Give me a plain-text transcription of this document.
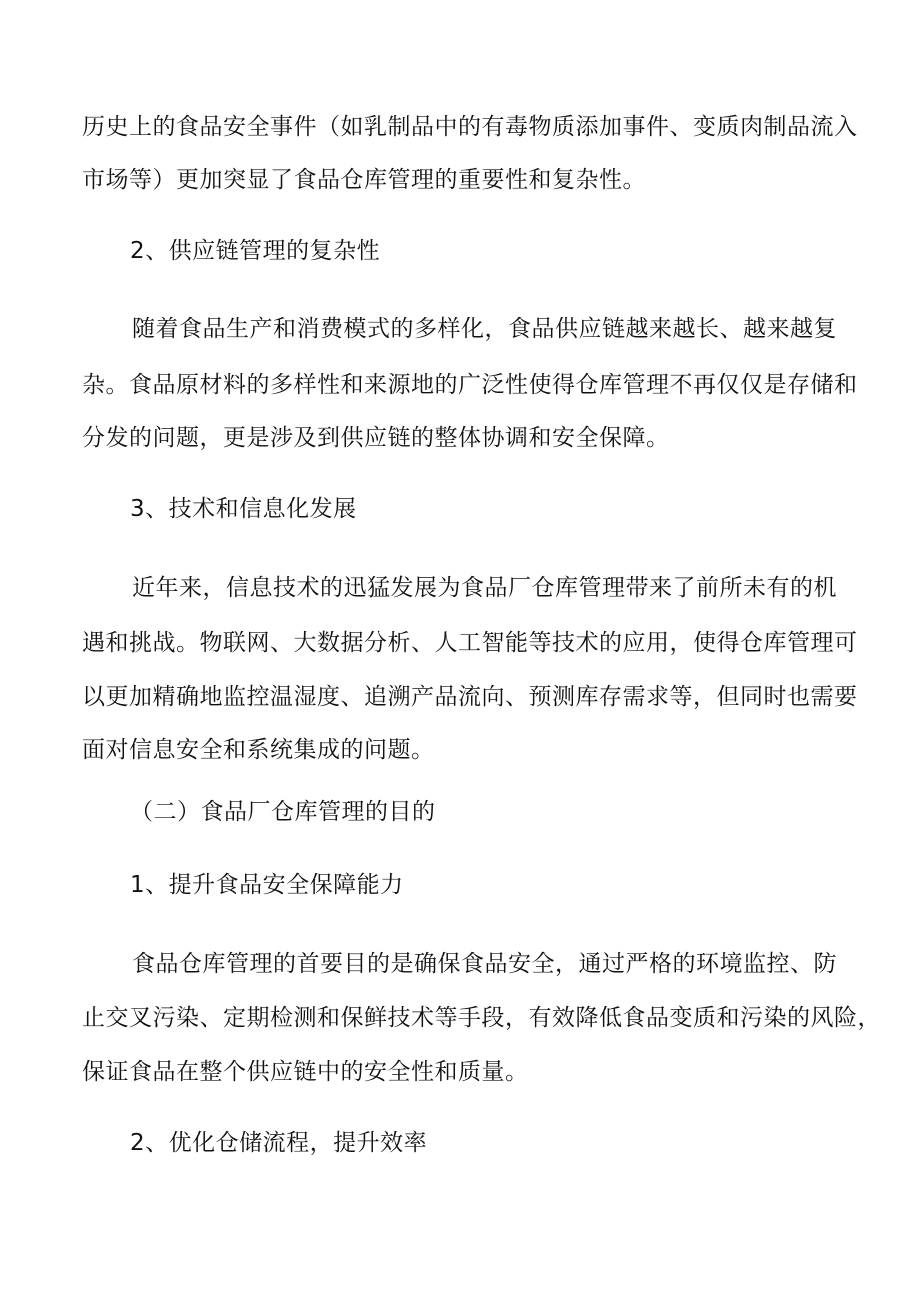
历史上的食品安全事件（如乳制品中的有毒物质添加事件、变质肉制品流入
市场等）更加突显了食品仓库管理的重要性和复杂性。
2、供应链管理的复杂性
随着食品生产和消费模式的多样化，食品供应链越来越长、越来越复
杂。食品原材料的多样性和来源地的广泛性使得仓库管理不再仅仅是存储和
分发的问题，更是涉及到供应链的整体协调和安全保障。
3、技术和信息化发展
近年来，信息技术的迅猛发展为食品厂仓库管理带来了前所未有的机
遇和挑战。物联网、大数据分析、人工智能等技术的应用，使得仓库管理可
以更加精确地监控温湿度、追溯产品流向、预测库存需求等，但同时也需要
面对信息安全和系统集成的问题。
（二）食品厂仓库管理的目的
1、提升食品安全保障能力
食品仓库管理的首要目的是确保食品安全，通过严格的环境监控、防
止交叉污染、定期检测和保鲜技术等手段，有效降低食品变质和污染的风险，
保证食品在整个供应链中的安全性和质量。
2、优化仓储流程，提升效率
